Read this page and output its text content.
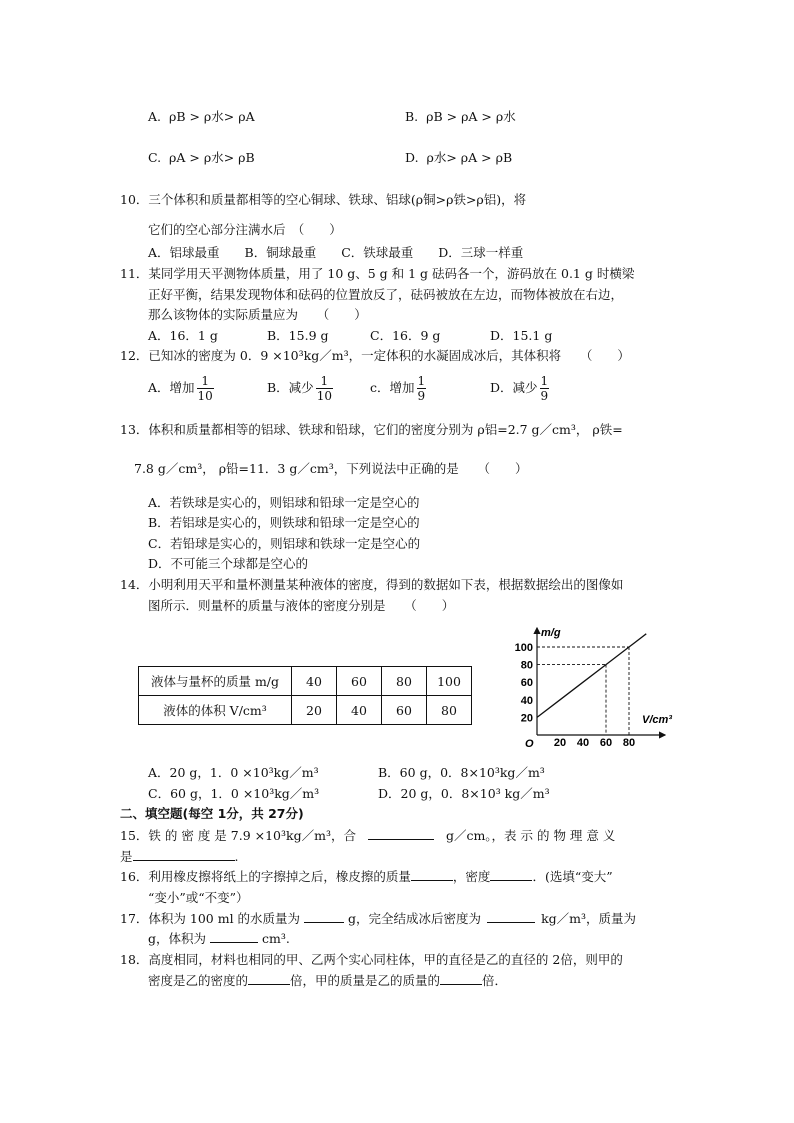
A. ρB > ρ水> ρA	B. ρB > ρA > ρ水
C. ρA > ρ水> ρB	D. ρ水> ρA > ρB
10．三个体积和质量都相等的空心铜球、铁球、铝球(ρ铜>ρ铁>ρ铝)，将
它们的空心部分注满水后　（　　）
A．铝球最重　　B．铜球最重　　C．铁球最重　　D．三球一样重
11．某同学用天平测物体质量，用了 10 g、5 g 和 1 g 砝码各一个，游码放在 0.1 g 时横梁
正好平衡，结果发现物体和砝码的位置放反了，砝码被放在左边，而物体被放在右边，
那么该物体的实际质量应为　　（　　）
A．16．1 g	B．15.9 g	C．16．9 g	D．15.1 g
12．已知冰的密度为 0．9 ×10³kg／m³，一定体积的水凝固成冰后，其体积将　　（　　）
A．增加 $\frac{1}{10}$	B．减少 $\frac{1}{10}$	c．增加 $\frac{1}{9}$	D．减少 $\frac{1}{9}$
13．体积和质量都相等的铝球、铁球和铅球，它们的密度分别为 ρ铝=2.7 g／cm³， ρ铁=
7.8 g／cm³， ρ铅=11．3 g／cm³，下列说法中正确的是　　（　　）
A．若铁球是实心的，则铝球和铅球一定是空心的
B．若铝球是实心的，则铁球和铅球一定是空心的
C．若铅球是实心的，则铝球和铁球一定是空心的
D．不可能三个球都是空心的
14．小明利用天平和量杯测量某种液体的密度，得到的数据如下表，根据数据绘出的图像如
图所示．则量杯的质量与液体的密度分别是　　（　　）
液体与量杯的质量 m/g	40	60	80	100
液体的体积 V/cm³	20	40	60	80
m/g
V/cm³
O 20 40 60 80
20
40
60
80
100
A．20 g，1．0 ×10³kg／m³	B．60 g，0．8×10³kg／m³
C．60 g，1．0 ×10³kg／m³	D．20 g，0．8×10³ kg／m³
二、填空题(每空 1分，共 27分)
15．铁 的 密 度 是 7.9 ×10³kg／m³，合	g／cm。，表 示 的 物 理 意 义
是	.
16．利用橡皮擦将纸上的字擦掉之后，橡皮擦的质量	，密度	．(选填“变大”
“变小”或“不变”）
17．体积为 100 ml 的水质量为	g，完全结成冰后密度为	kg／m³，质量为
g，体积为	cm³.
18．高度相同，材料也相同的甲、乙两个实心同柱体，甲的直径是乙的直径的 2倍，则甲的
密度是乙的密度的	倍，甲的质量是乙的质量的	倍．
